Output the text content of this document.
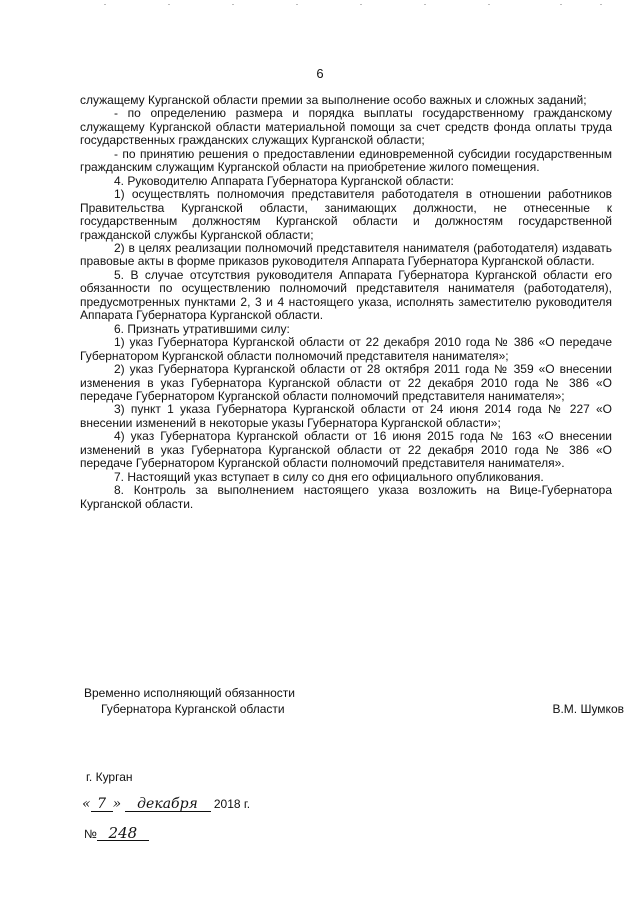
6

служащему Курганской области премии за выполнение особо важных и сложных заданий;

- по определению размера и порядка выплаты государственному гражданскому служащему Курганской области материальной помощи за счет средств фонда оплаты труда государственных гражданских служащих Курганской области;

- по принятию решения о предоставлении единовременной субсидии государственным гражданским служащим Курганской области на приобретение жилого помещения.

4. Руководителю Аппарата Губернатора Курганской области:

1) осуществлять полномочия представителя работодателя в отношении работников Правительства Курганской области, занимающих должности, не отнесенные к государственным должностям Курганской области и должностям государственной гражданской службы Курганской области;

2) в целях реализации полномочий представителя нанимателя (работодателя) издавать правовые акты в форме приказов руководителя Аппарата Губернатора Курганской области.

5. В случае отсутствия руководителя Аппарата Губернатора Курганской области его обязанности по осуществлению полномочий представителя нанимателя (работодателя), предусмотренных пунктами 2, 3 и 4 настоящего указа, исполнять заместителю руководителя Аппарата Губернатора Курганской области.

6. Признать утратившими силу:

1) указ Губернатора Курганской области от 22 декабря 2010 года № 386 «О передаче Губернатором Курганской области полномочий представителя нанимателя»;

2) указ Губернатора Курганской области от 28 октября 2011 года № 359 «О внесении изменения в указ Губернатора Курганской области от 22 декабря 2010 года № 386 «О передаче Губернатором Курганской области полномочий представителя нанимателя»;

3) пункт 1 указа Губернатора Курганской области от 24 июня 2014 года № 227 «О внесении изменений в некоторые указы Губернатора Курганской области»;

4) указ Губернатора Курганской области от 16 июня 2015 года № 163 «О внесении изменений в указ Губернатора Курганской области от 22 декабря 2010 года № 386 «О передаче Губернатором Курганской области полномочий представителя нанимателя».

7. Настоящий указ вступает в силу со дня его официального опубликования.

8. Контроль за выполнением настоящего указа возложить на Вице-Губернатора Курганской области.

Временно исполняющий обязанности
Губернатора Курганской области	В.М. Шумков
г. Курган
« 7 » декабря 2018 г.
№ 248
